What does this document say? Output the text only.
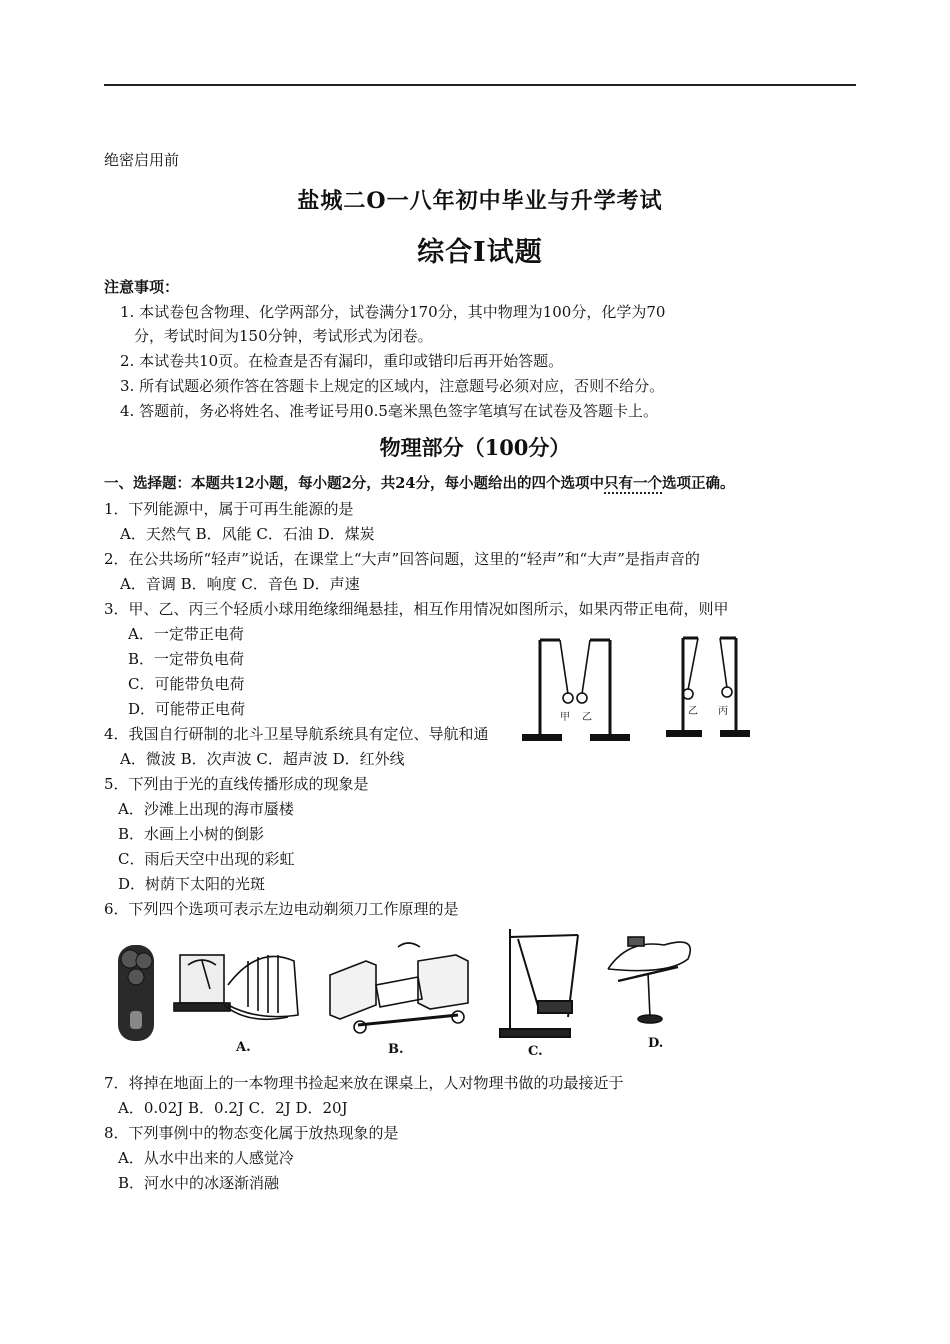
绝密启用前
盐城二O一八年初中毕业与升学考试
综合I试题
注意事项：
1. 本试卷包含物理、化学两部分，试卷满分170分，其中物理为100分，化学为70
分，考试时间为150分钟，考试形式为闭卷。
2. 本试卷共10页。在检查是否有漏印，重印或错印后再开始答题。
3. 所有试题必须作答在答题卡上规定的区域内，注意题号必须对应，否则不给分。
4. 答题前，务必将姓名、准考证号用0.5毫米黑色签字笔填写在试卷及答题卡上。
物理部分（100分）
一、选择题：本题共12小题，每小题2分，共24分，每小题给出的四个选项中只有一个选项正确。
1．下列能源中，属于可再生能源的是
A．天然气 B．风能 C．石油 D．煤炭
2．在公共场所“轻声”说话，在课堂上“大声”回答问题，这里的“轻声”和“大声”是指声音的
A．音调 B．响度 C．音色 D．声速
3．甲、乙、丙三个轻质小球用绝缘细绳悬挂，相互作用情况如图所示，如果丙带正电荷，则甲
A．一定带正电荷
B．一定带负电荷
C．可能带负电荷
D．可能带正电荷	甲 乙
乙 丙
4．我国自行研制的北斗卫星导航系统具有定位、导航和通
A．微波 B．次声波 C．超声波 D．红外线
5．下列由于光的直线传播形成的现象是
A．沙滩上出现的海市蜃楼
B．水画上小树的倒影
C．雨后天空中出现的彩虹
D．树荫下太阳的光斑
6．下列四个选项可表示左边电动剃须刀工作原理的是
A.	B.	C.
D.
7．将掉在地面上的一本物理书捡起来放在课桌上，人对物理书做的功最接近于
A．0.02J B．0.2J C．2J D．20J
8．下列事例中的物态变化属于放热现象的是
A．从水中出来的人感觉冷
B．河水中的冰逐渐消融
